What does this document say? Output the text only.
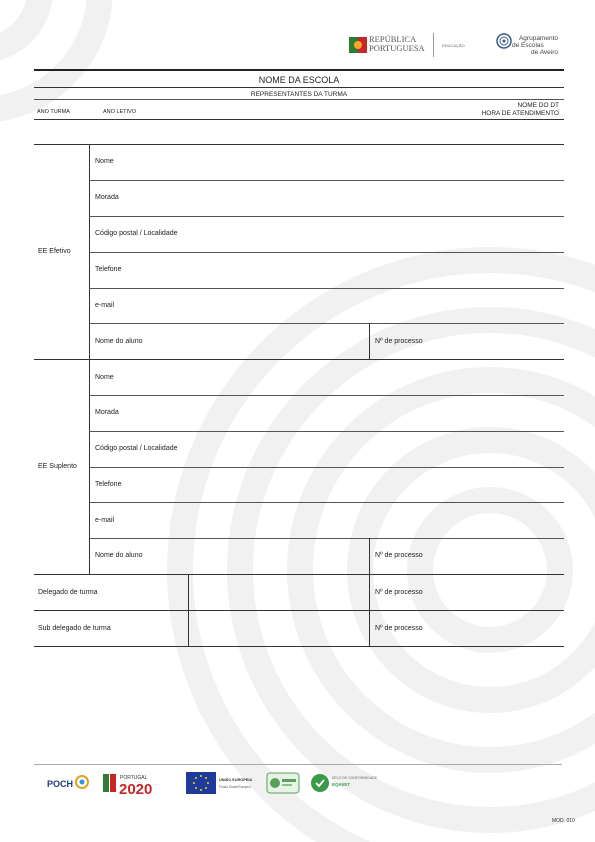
REPÚBLICA
PORTUGUESA	EDUCAÇÃO
Agrupamento
de Escolas
de Aveiro
NOME DA ESCOLA
REPRESENTANTES DA TURMA
ANO TURMA	ANO LETIVO
NOME DO DT
HORA DE ATENDIMENTO
EE Efetivo
Nome
Morada
Código postal / Localidade
Telefone
e-mail
Nome do aluno	Nº de processo
EE Suplento
Nome
Morada
Código postal / Localidade
Telefone
e-mail
Nome do aluno	Nº de processo
Delegado de turma	Nº de processo
Sub delegado de turma	Nº de processo
POCH
PORTUGAL
2020
UNIÃO EUROPEIA
Fundo Social Europeu
SELO DE CONFORMIDADE
EQAVET
MOD. 010
